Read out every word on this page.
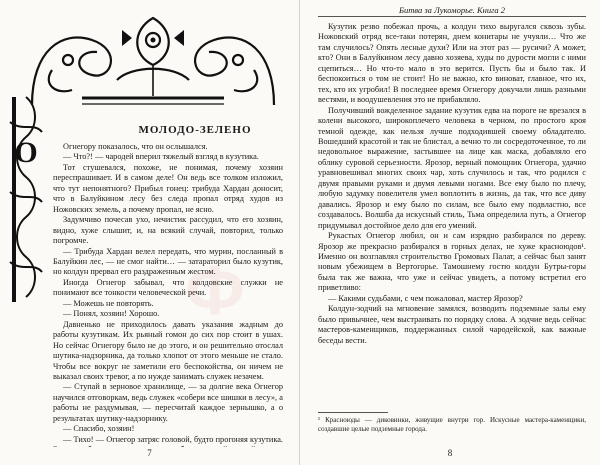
О
МОЛОДО-ЗЕЛЕНО

Огнегору показалось, что он ослышался.

— Что?! — чародей вперил тяжелый взгляд в кузутика.

Тот стушевался, похоже, не понимая, почему хозяин переспрашивает. И в самом деле! Он ведь все толком изложил, что тут непонятного? Прибыл гонец: трибуда Хардан доносит, что в Балуйкином лесу без следа пропал отряд худов из Ножовских земель, а почему пропал, не ясно.

Задумчиво почесав ухо, нечистик рассудил, что его хозяин, видно, хуже слышит, и, на всякий случай, повторил, только погромче.

— Трибуда Хардан велел передать, что мурин, посланный в Балуйкин лес, — не смог найти… — затараторил было кузутик, но колдун прервал его раздраженным жестом.

Иногда Огнегор забывал, что колдовские служки не понимают все тонкости человеческой речи.

— Можешь не повторять.

— Понял, хозяин! Хорошо.

Давненько не приходилось давать указания жадным до работы кузутикам. Их рьяный гомон до сих пор стоит в ушах. Но сейчас Огнегору было не до этого, и он решительно отослал шутика-надзорника, да только хлопот от этого меньше не стало. Чтобы все вокруг не заметили его беспокойства, он ничем не выказал своих тревог, а по нужде занимать служек незачем.

— Ступай в зерновое хранилище, — за долгие века Огнегор научился отговоркам, ведь служек «собери все шишки в лесу», а работы не раздумывая, — пересчитай каждое зернышко, а о результатах шутику-надзорнику.

— Спасибо, хозяин!

— Тихо! — Огнегор затряс головой, будто прогоняя кузутика.

7

Битва за Лукоморье. Книга 2

Кузутик резво побежал прочь, а колдун тихо выругался сквозь зубы. Ножовский отряд все-таки потерян, днем конитары не учуяли… Что же там случилось? Опять лесные духи? Или на этот раз — русичи? А может, кто? Они в Балуйкином лесу давно хозяева, худы по дурости могли с ними сцепиться… Но что-то мало в это верится. Пусть бы и было так. И беспокоиться о том не стоит! Но не важно, кто виноват, главное, что их, тех, кто их угробил! В последнее время Огнегору докучали лишь разными вестями, и воодушевления это не прибавляло.

Получивший вожделенное задание кузутик едва на пороге не врезался в колени высокого, широкоплечего человека в черном, по простого кроя темной одежде, как нельзя лучше подходившей своему обладателю. Вошедший красотой и так не блистал, а вечно то ли сосредоточенное, то ли недовольное выражение, застывшее на лице как маска, добавляло его облику суровой серьезности. Ярозор, верный помощник Огнегора, удачно уравновешивал многих своих чар, хоть случилось и так, что родился с двумя правыми руками и двумя левыми ногами. Все ему было по плечу, любую задумку повелителя умел воплотить в жизнь, да так, что все диву давались. Ярозор и ему было по силам, все было ему подвластно, все создавалось. Волшба да искусный стиль, Тьма определила путь, а Огнегор придумывал достойное дело для его умений.

Рукастых Огнегор любил, он и сам изрядно разбирался по дереву. Ярозор же прекрасно разбирался в горных делах, не хуже красноюдов¹. Именно он возглавлял строительство Громовых Палат, а сейчас был занят новым убежищем в Вертогорье. Тамошнему гостю колдун Бутры-горы была так же важна, что уже и сейчас увидеть, а потому встретил его приветливо:

— Какими судьбами, с чем пожаловал, мастер Ярозор?

Колдун-зодчий на мгновение замялся, возводить подземные залы ему было привычнее, чем выстраивать по порядку слова. А зодчие ведь сейчас мастеров-каменщиков, поддержанных силой чародейской, как важные беседы вести.

¹ Красноюды — диковинки, живущие внутри гор. Искусные мастера-каменщики, создавшие целые подземные города.

8
